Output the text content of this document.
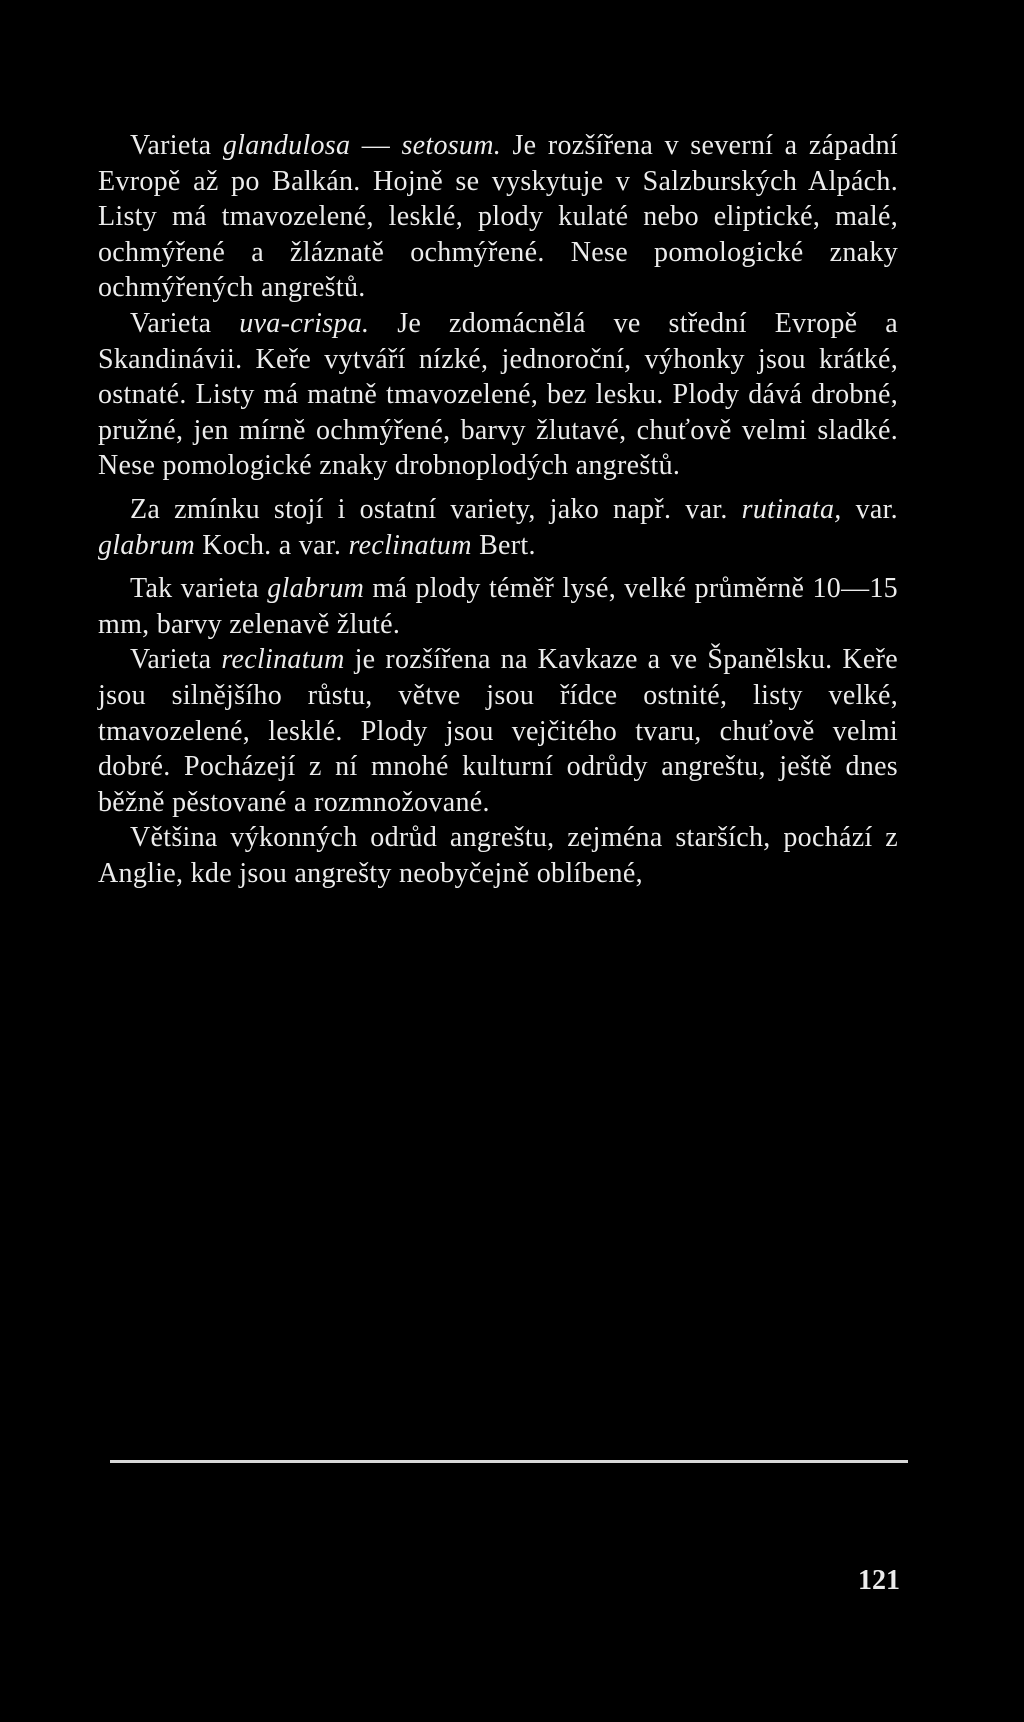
Varieta glandulosa — setosum. Je rozšířena v severní a západní Evropě až po Balkán. Hojně se vyskytuje v Salzburských Alpách. Listy má tmavozelené, lesklé, plody kulaté nebo eliptické, malé, ochmýřené a žláznatě ochmýřené. Nese pomologické znaky ochmýřených angreštů.

Varieta uva-crispa. Je zdomácnělá ve střední Evropě a Skandinávii. Keře vytváří nízké, jednoroční, výhonky jsou krátké, ostnaté. Listy má matně tmavozelené, bez lesku. Plody dává drobné, pružné, jen mírně ochmýřené, barvy žlutavé, chuťově velmi sladké. Nese pomologické znaky drobnoplodých angreštů.

Za zmínku stojí i ostatní variety, jako např. var. rutinata, var. glabrum Koch. a var. reclinatum Bert.

Tak varieta glabrum má plody téměř lysé, velké průměrně 10—15 mm, barvy zelenavě žluté.

Varieta reclinatum je rozšířena na Kavkaze a ve Španělsku. Keře jsou silnějšího růstu, větve jsou řídce ostnité, listy velké, tmavozelené, lesklé. Plody jsou vejčitého tvaru, chuťově velmi dobré. Pocházejí z ní mnohé kulturní odrůdy angreštu, ještě dnes běžně pěstované a rozmnožované.

Většina výkonných odrůd angreštu, zejména starších, pochází z Anglie, kde jsou angrešty neobyčejně oblíbené,

121
